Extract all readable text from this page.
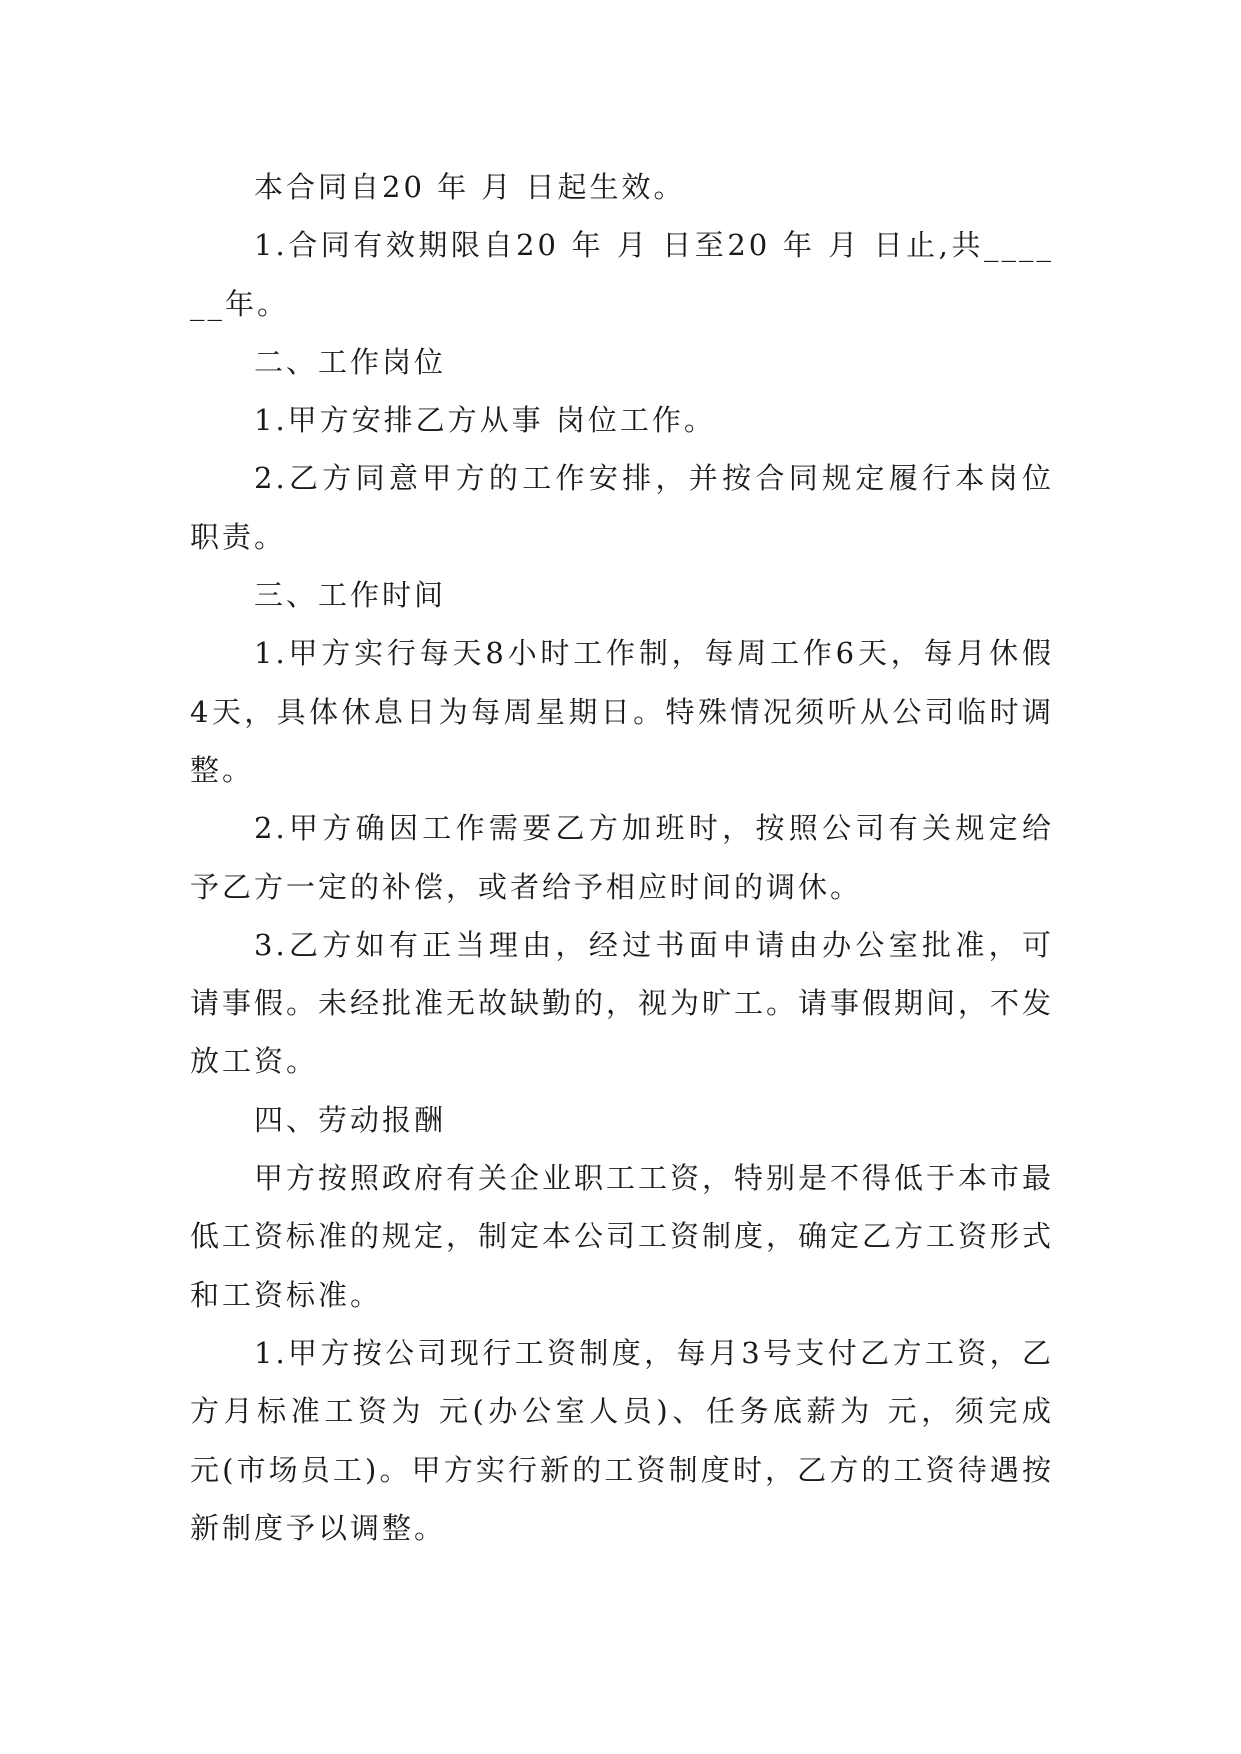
本合同自20 年 月 日起生效。

1.合同有效期限自20 年 月 日至20 年 月 日止,共______年。

二、工作岗位

1.甲方安排乙方从事 岗位工作。

2.乙方同意甲方的工作安排，并按合同规定履行本岗位职责。

三、工作时间

1.甲方实行每天8小时工作制，每周工作6天，每月休假4天，具体休息日为每周星期日。特殊情况须听从公司临时调整。

2.甲方确因工作需要乙方加班时，按照公司有关规定给予乙方一定的补偿，或者给予相应时间的调休。

3.乙方如有正当理由，经过书面申请由办公室批准，可请事假。未经批准无故缺勤的，视为旷工。请事假期间，不发放工资。

四、劳动报酬

甲方按照政府有关企业职工工资，特别是不得低于本市最低工资标准的规定，制定本公司工资制度，确定乙方工资形式和工资标准。

1.甲方按公司现行工资制度，每月3号支付乙方工资，乙方月标准工资为 元(办公室人员)、任务底薪为 元，须完成 元(市场员工)。甲方实行新的工资制度时，乙方的工资待遇按新制度予以调整。
